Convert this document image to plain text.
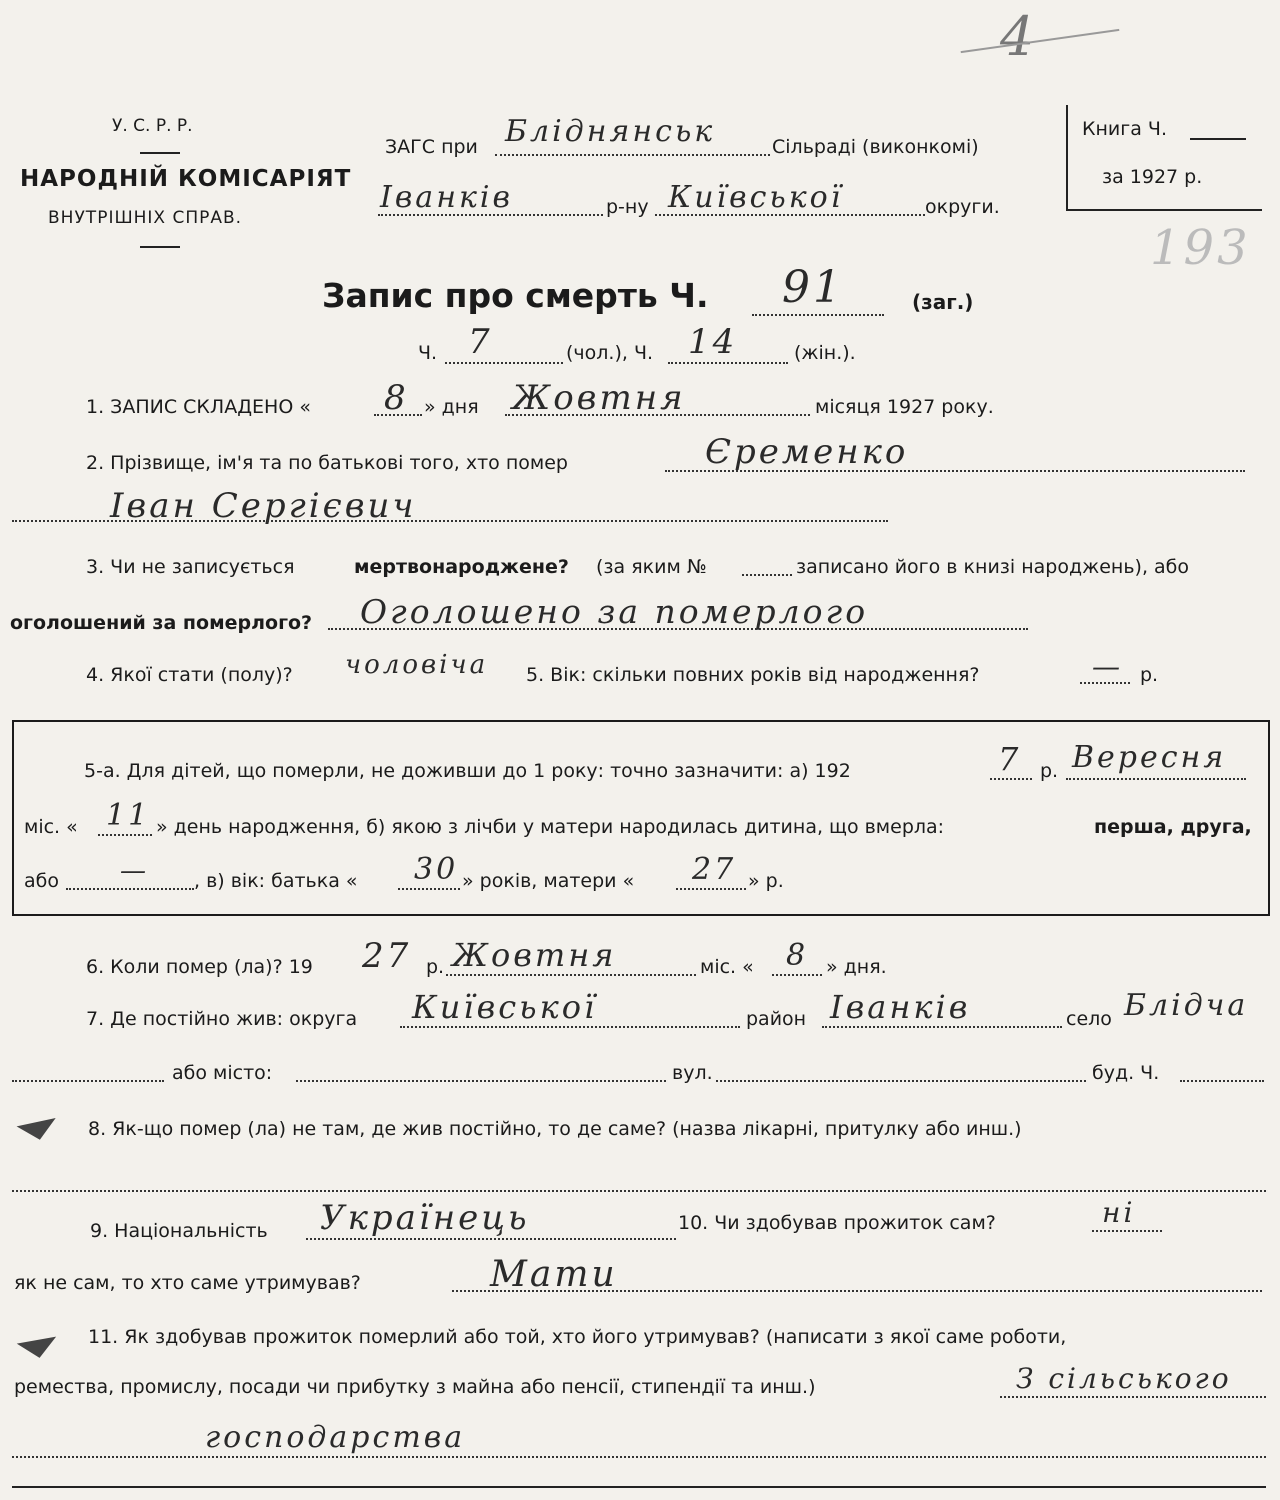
4
193
У. С. Р. Р.
НАРОДНІЙ КОМІСАРІЯТ
ВНУТРІШНІХ СПРАВ.
ЗАГС при Бліднянськ	Сільраді (виконкомі)
Іванків	р-ну Київської	округи.
Книга Ч.
за 1927 р.
Запис про смерть Ч. 91	(заг.)
Ч. 7	(чол.), Ч. 14	(жін.).
1. ЗАПИС СКЛАДЕНО « 8 » дня Жовтня	місяця 1927 року.
2. Прізвище, ім'я та по батькові того, хто помер	Єременко
Іван Сергієвич
3. Чи не записується	мертвонароджене? (за яким №	записано його в книзі народжень), або
оголошений за померлого? Оголошено за померлого
4. Якої стати (полу)? чоловіча 5. Вік: скільки повних років від народження?	— р.
5-а. Для дітей, що померли, не доживши до 1 року: точно зазначити: а) 192	7 р. Вересня
міс. « 11 » день народження, б) якою з лічби у матери народилась дитина, що вмерла:	перша, друга,
або — , в) вік: батька « 30 » років, матери « 27 » р.
6. Коли помер (ла)? 19 27 р. Жовтня	міс. « 8 » дня.
7. Де постійно жив: округа Київської	район Іванків	село Блідча
або місто:	вул.	буд. Ч.
8. Як-що помер (ла) не там, де жив постійно, то де саме? (назва лікарні, притулку або инш.)
9. Національність Українець	10. Чи здобував прожиток сам?	ні
як не сам, то хто саме утримував?	Мати
11. Як здобував прожиток померлий або той, хто його утримував? (написати з якої саме роботи,
ремества, промислу, посади чи прибутку з майна або пенсії, стипендії та инш.)	З сільського
господарства
